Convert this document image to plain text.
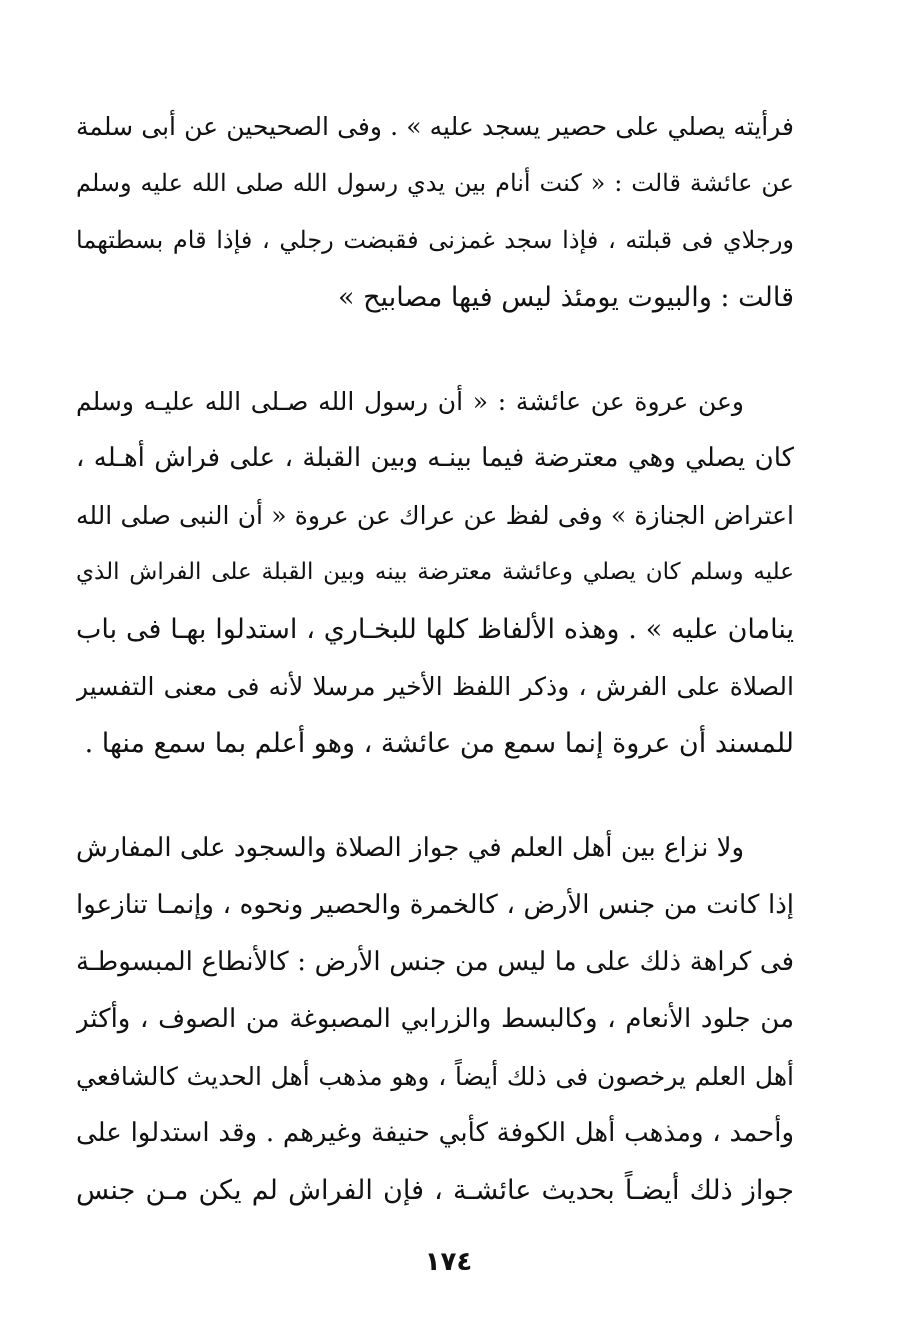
فرأيته يصلي على حصير يسجد عليه » . وفى الصحيحين عن أبى سلمة
عن عائشة قالت : « كنت أنام بين يدي رسول الله صلى الله عليه وسلم
ورجلاي فى قبلته ، فإذا سجد غمزنى فقبضت رجلي ، فإذا قام بسطتهما
قالت : والبيوت يومئذ ليس فيها مصابيح »
وعن عروة عن عائشة : « أن رسول الله صـلى الله عليـه وسلم
كان يصلي وهي معترضة فيما بينـه وبين القبلة ، على فراش أهـله ،
اعتراض الجنازة » وفى لفظ عن عراك عن عروة « أن النبى صلى الله
عليه وسلم كان يصلي وعائشة معترضة بينه وبين القبلة على الفراش الذي
ينامان عليه » . وهذه الألفاظ كلها للبخـاري ، استدلوا بهـا فى باب
الصلاة على الفرش ، وذكر اللفظ الأخير مرسلا لأنه فى معنى التفسير
للمسند أن عروة إنما سمع من عائشة ، وهو أعلم بما سمع منها .
ولا نزاع بين أهل العلم في جواز الصلاة والسجود على المفارش
إذا كانت من جنس الأرض ، كالخمرة والحصير ونحوه ، وإنمـا تنازعوا
فى كراهة ذلك على ما ليس من جنس الأرض : كالأنطاع المبسوطـة
من جلود الأنعام ، وكالبسط والزرابي المصبوغة من الصوف ، وأكثر
أهل العلم يرخصون فى ذلك أيضاً ، وهو مذهب أهل الحديث كالشافعي
وأحمد ، ومذهب أهل الكوفة كأبي حنيفة وغيرهم . وقد استدلوا على
جواز ذلك أيضـاً بحديث عائشـة ، فإن الفراش لم يكن مـن جنس
١٧٤
